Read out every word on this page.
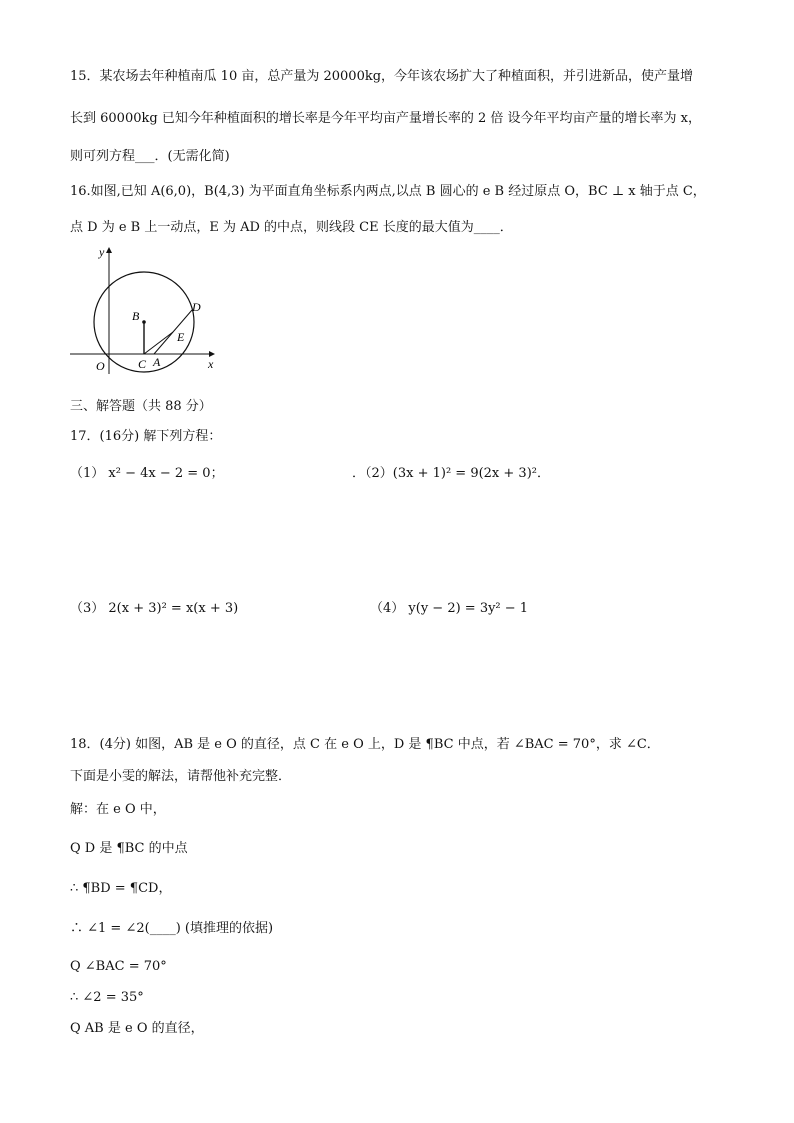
15．某农场去年种植南瓜 10 亩，总产量为 20000kg，今年该农场扩大了种植面积，并引进新品，使产量增
长到 60000kg 已知今年种植面积的增长率是今年平均亩产量增长率的 2 倍 设今年平均亩产量的增长率为 x，
则可列方程___．(无需化简)
16.如图,已知 A(6,0)，B(4,3) 为平面直角坐标系内两点,以点 B 圆心的 e B 经过原点 O，BC ⊥ x 轴于点 C，
点 D 为 e B 上一动点，E 为 AD 的中点，则线段 CE 长度的最大值为____．
y
x
O
B
C A
D
E
三、解答题（共 88 分）
17．(16分) 解下列方程：
（1） x² − 4x − 2 = 0；	．（2）(3x + 1)² = 9(2x + 3)²．
（3） 2(x + 3)² = x(x + 3)	（4） y(y − 2) = 3y² − 1
18．(4分) 如图，AB 是 e O 的直径，点 C 在 e O 上，D 是 ¶BC 中点，若 ∠BAC = 70°，求 ∠C．
下面是小雯的解法，请帮他补充完整．
解：在 e O 中，
Q D 是 ¶BC 的中点
∴ ¶BD = ¶CD，
∴ ∠1 = ∠2(____) (填推理的依据)
Q ∠BAC = 70°
∴ ∠2 = 35°
Q AB 是 e O 的直径，
